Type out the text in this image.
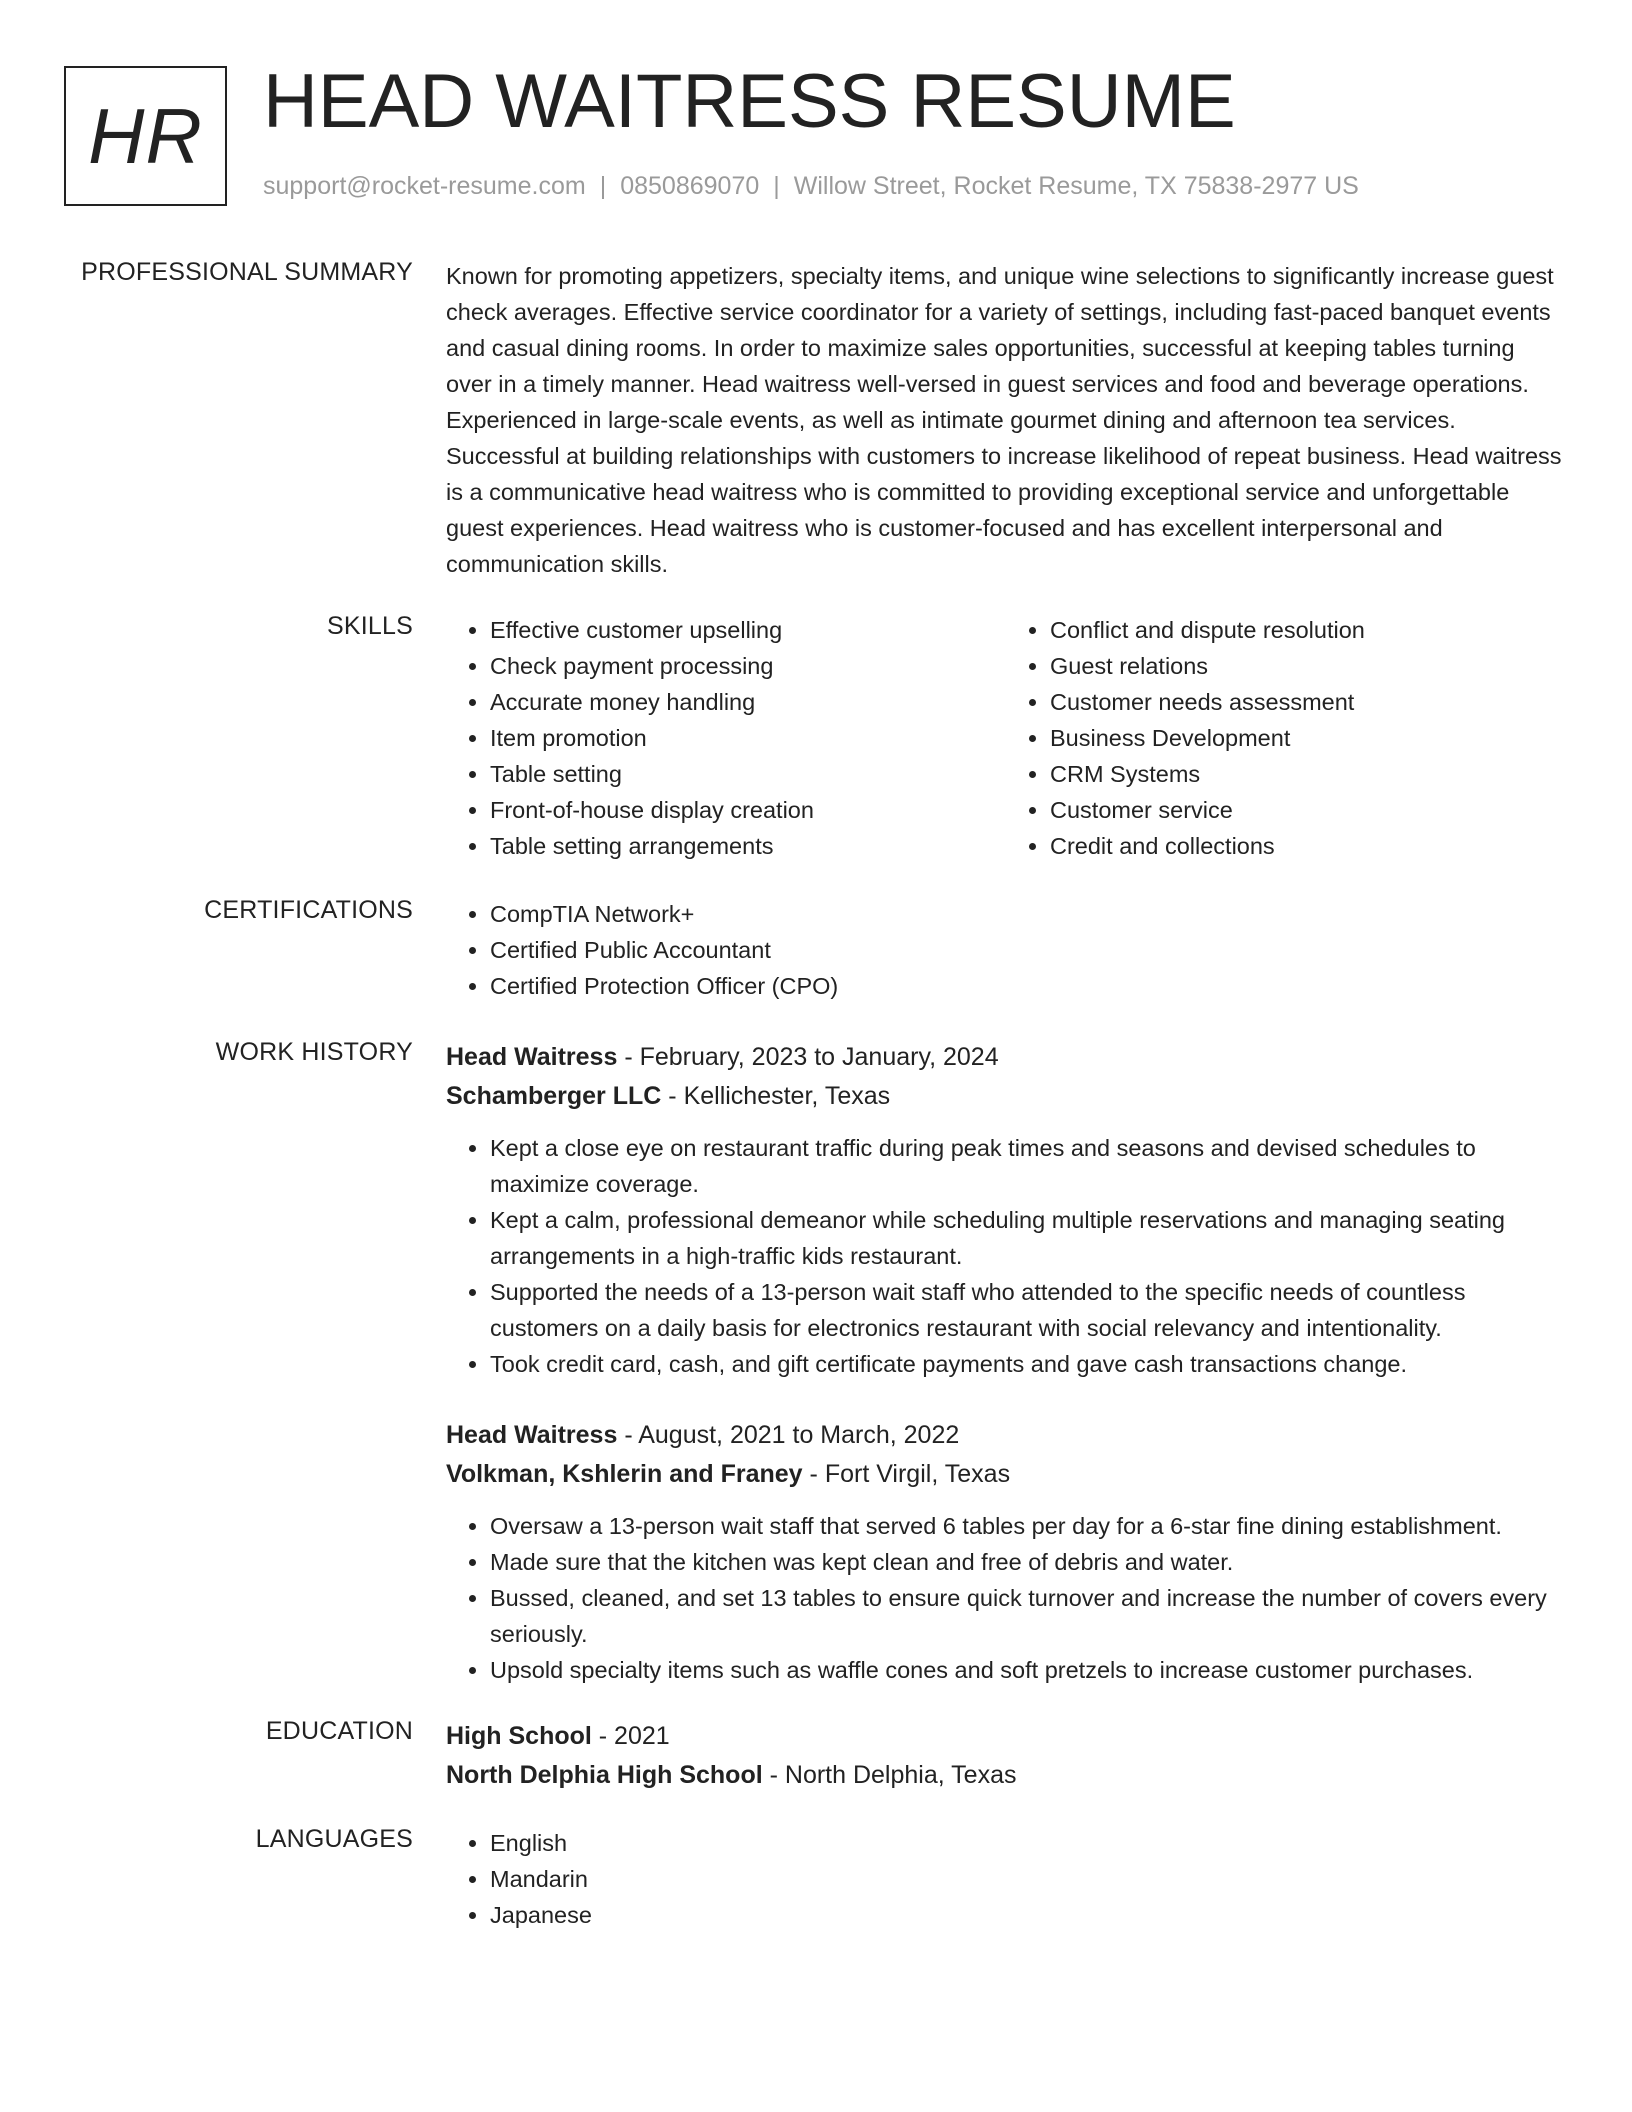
HR HEAD WAITRESS RESUME
support@rocket-resume.com | 0850869070 | Willow Street, Rocket Resume, TX 75838-2977 US
PROFESSIONAL SUMMARY Known for promoting appetizers, specialty items, and unique wine selections to significantly increase guest check averages. Effective service coordinator for a variety of settings, including fast-paced banquet events and casual dining rooms. In order to maximize sales opportunities, successful at keeping tables turning over in a timely manner. Head waitress well-versed in guest services and food and beverage operations. Experienced in large-scale events, as well as intimate gourmet dining and afternoon tea services. Successful at building relationships with customers to increase likelihood of repeat business. Head waitress is a communicative head waitress who is committed to providing exceptional service and unforgettable guest experiences. Head waitress who is customer-focused and has excellent interpersonal and communication skills.

SKILLS	• Effective customer upselling
• Check payment processing
• Accurate money handling
• Item promotion
• Table setting
• Front-of-house display creation
• Table setting arrangements
• Conflict and dispute resolution
• Guest relations
• Customer needs assessment
• Business Development
• CRM Systems
• Customer service
• Credit and collections
CERTIFICATIONS	• CompTIA Network+
• Certified Public Accountant
• Certified Protection Officer (CPO)
WORK HISTORY Head Waitress - February, 2023 to January, 2024
Schamberger LLC - Kellichester, Texas
• Kept a close eye on restaurant traffic during peak times and seasons and devised schedules to maximize coverage.
• Kept a calm, professional demeanor while scheduling multiple reservations and managing seating arrangements in a high-traffic kids restaurant.
• Supported the needs of a 13-person wait staff who attended to the specific needs of countless customers on a daily basis for electronics restaurant with social relevancy and intentionality.
• Took credit card, cash, and gift certificate payments and gave cash transactions change.
Head Waitress - August, 2021 to March, 2022
Volkman, Kshlerin and Franey - Fort Virgil, Texas
• Oversaw a 13-person wait staff that served 6 tables per day for a 6-star fine dining establishment.
• Made sure that the kitchen was kept clean and free of debris and water.
• Bussed, cleaned, and set 13 tables to ensure quick turnover and increase the number of covers every seriously.
• Upsold specialty items such as waffle cones and soft pretzels to increase customer purchases.
EDUCATION High School - 2021
North Delphia High School - North Delphia, Texas
LANGUAGES	• English
• Mandarin
• Japanese
